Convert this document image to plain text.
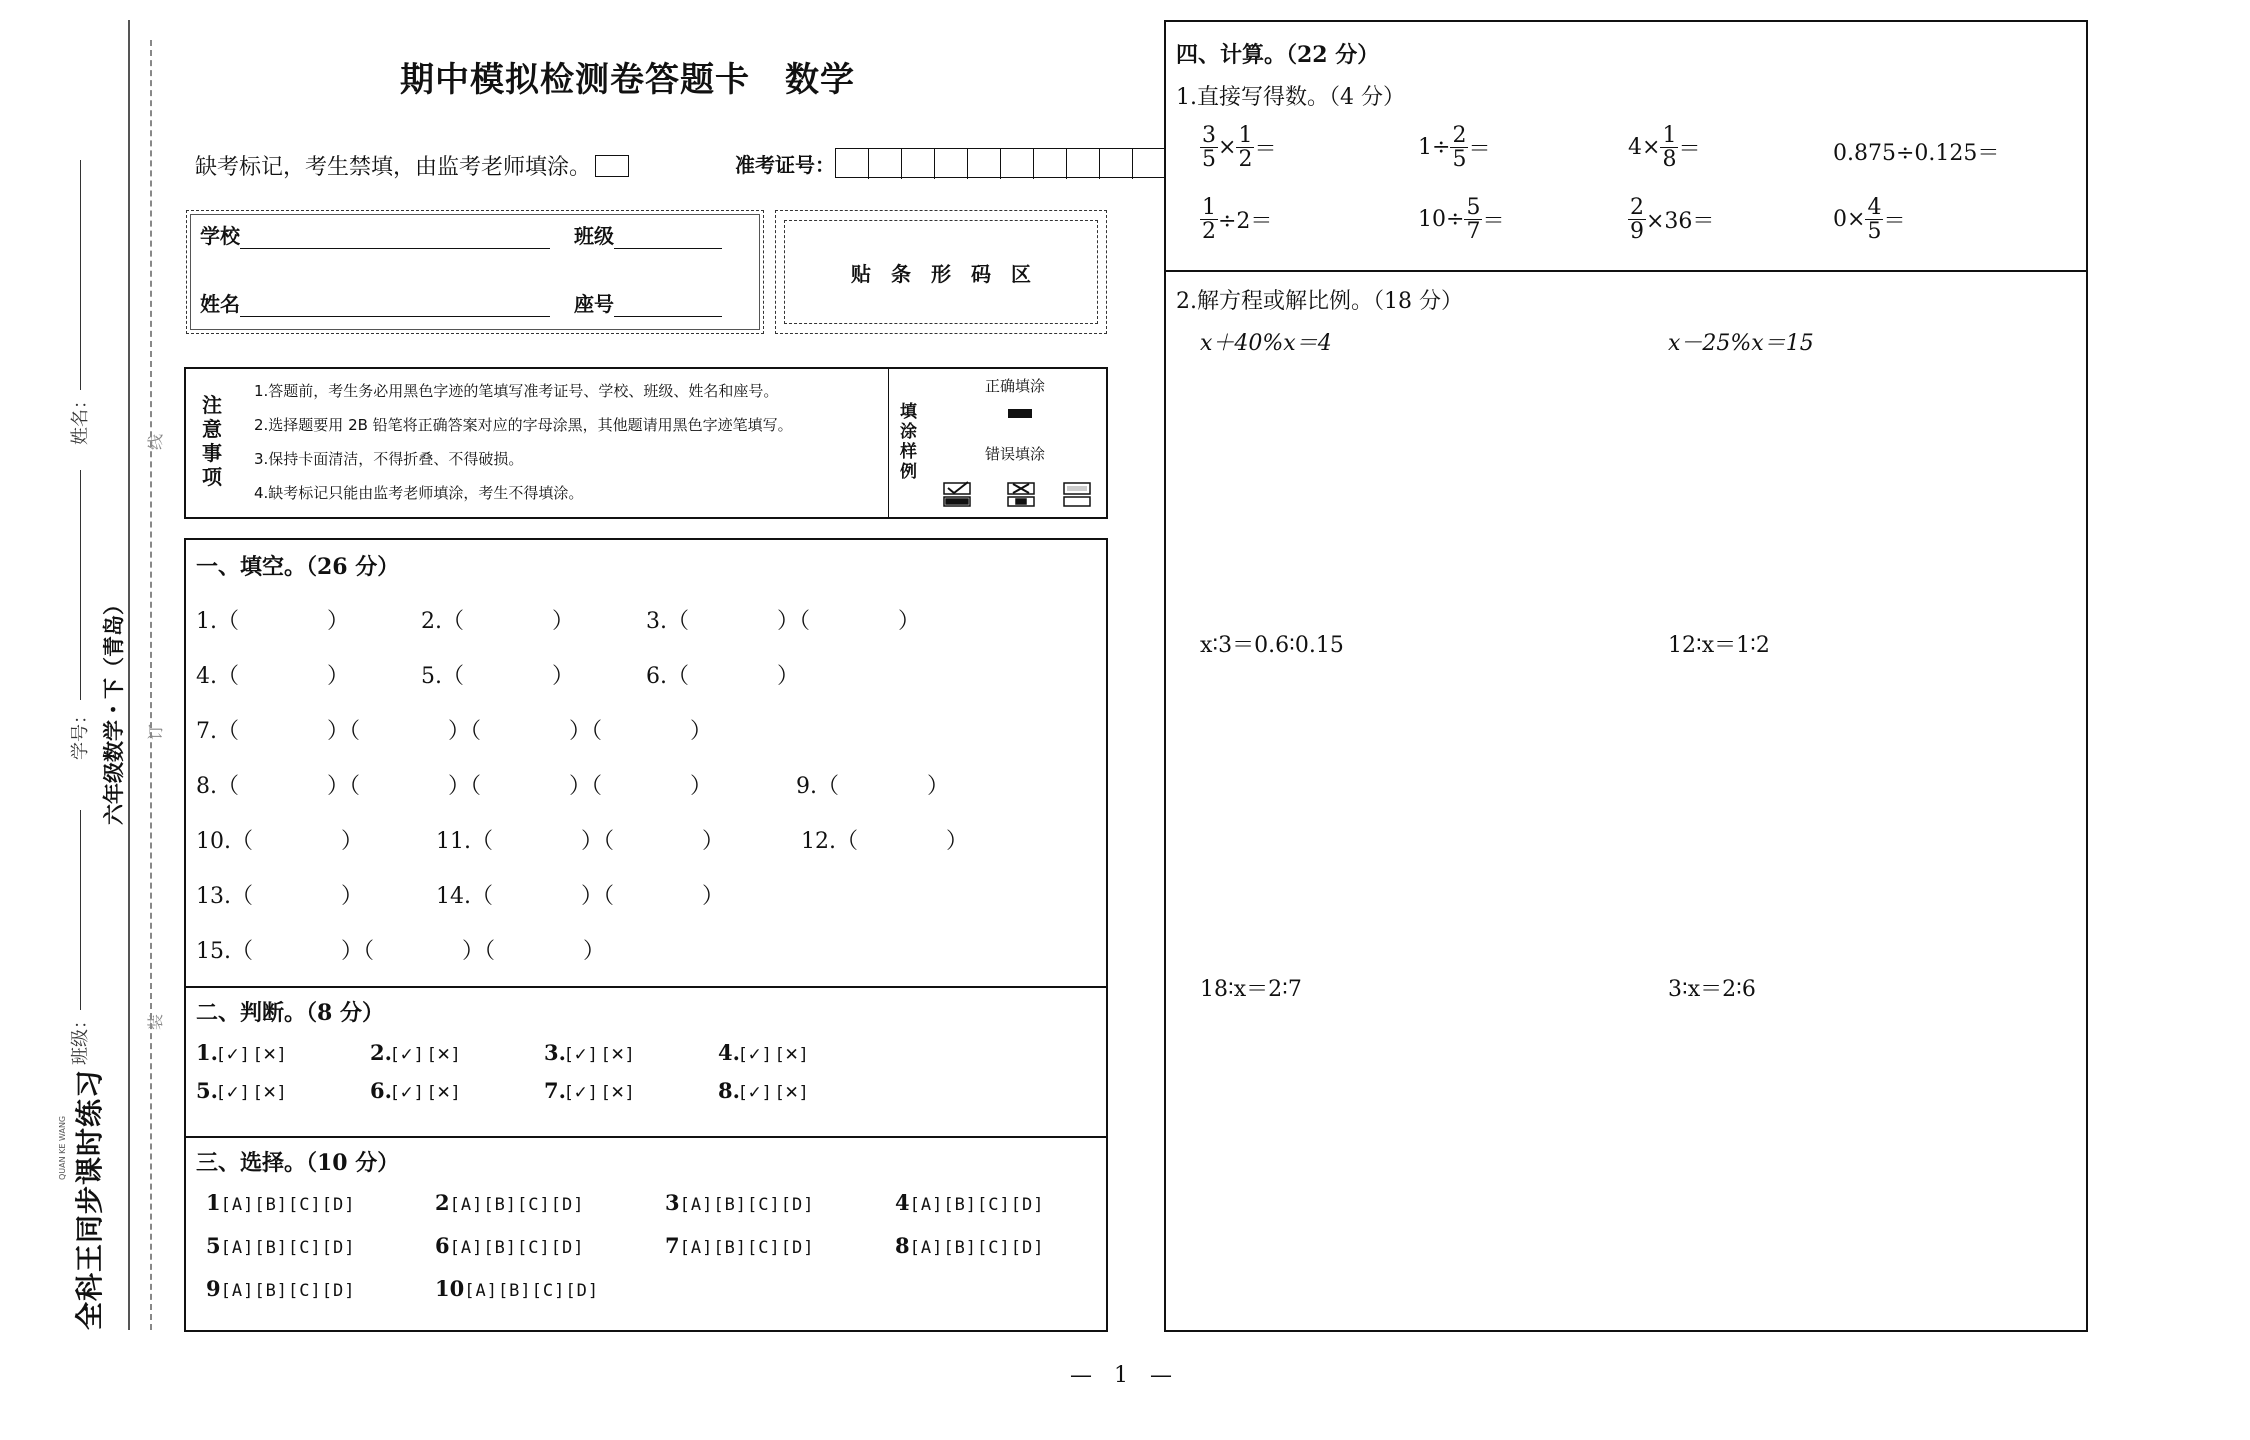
线
订
装
姓名：
学号： 六年级数学・下（青岛）
班级：
全科王同步课时练习
QUAN KE WANG
期中模拟检测卷答题卡　数学
缺考标记，考生禁填，由监考老师填涂。	准考证号：
学校	班级
姓名	座号
贴　条　形　码　区
注意事项
1.答题前，考生务必用黑色字迹的笔填写准考证号、学校、班级、姓名和座号。
2.选择题要用 2B 铅笔将正确答案对应的字母涂黑，其他题请用黑色字迹笔填写。
3.保持卡面清洁，不得折叠、不得破损。
4.缺考标记只能由监考老师填涂，考生不得填涂。
填涂样例
正确填涂
错误填涂
一、填空。（26 分）
1.（　　　　）	2.（　　　　）	3.（　　　　）（　　　　）
4.（　　　　）	5.（　　　　）	6.（　　　　）
7.（　　　　）（　　　　）（　　　　）（　　　　）
8.（　　　　）（　　　　）（　　　　）（　　　　）	9.（　　　　）
10.（　　　　）	11.（　　　　）（　　　　）	12.（　　　　）
13.（　　　　）	14.（　　　　）（　　　　）
15.（　　　　）（　　　　）（　　　　）
二、判断。（8 分）
1.[✓] [✕]	2.[✓] [✕]	3.[✓] [✕]	4.[✓] [✕]
5.[✓] [✕]	6.[✓] [✕]	7.[✓] [✕]	8.[✓] [✕]
三、选择。（10 分）
1[A][B][C][D]	2[A][B][C][D]	3[A][B][C][D]	4[A][B][C][D]
5[A][B][C][D]	6[A][B][C][D]	7[A][B][C][D]	8[A][B][C][D]
9[A][B][C][D]	10[A][B][C][D]
四、计算。（22 分）
1.直接写得数。（4 分）
$\frac{3}{5} \times \frac{1}{2}$ ＝	$1\div \frac{2}{5}$ ＝	$4\times \frac{1}{8}$ ＝	0.875÷0.125＝
$\frac{1}{2} \div 2=$	$10\div \frac{5}{7}$ ＝	$\frac{2}{9} \times 36=$	$0\times \frac{4}{5}$ ＝
2.解方程或解比例。（18 分）
x＋40%x＝4	x－25%x＝15
x∶3＝0.6∶0.15	12∶x＝1∶2
18∶x＝2∶7	3∶x＝2∶6
—　1　—
